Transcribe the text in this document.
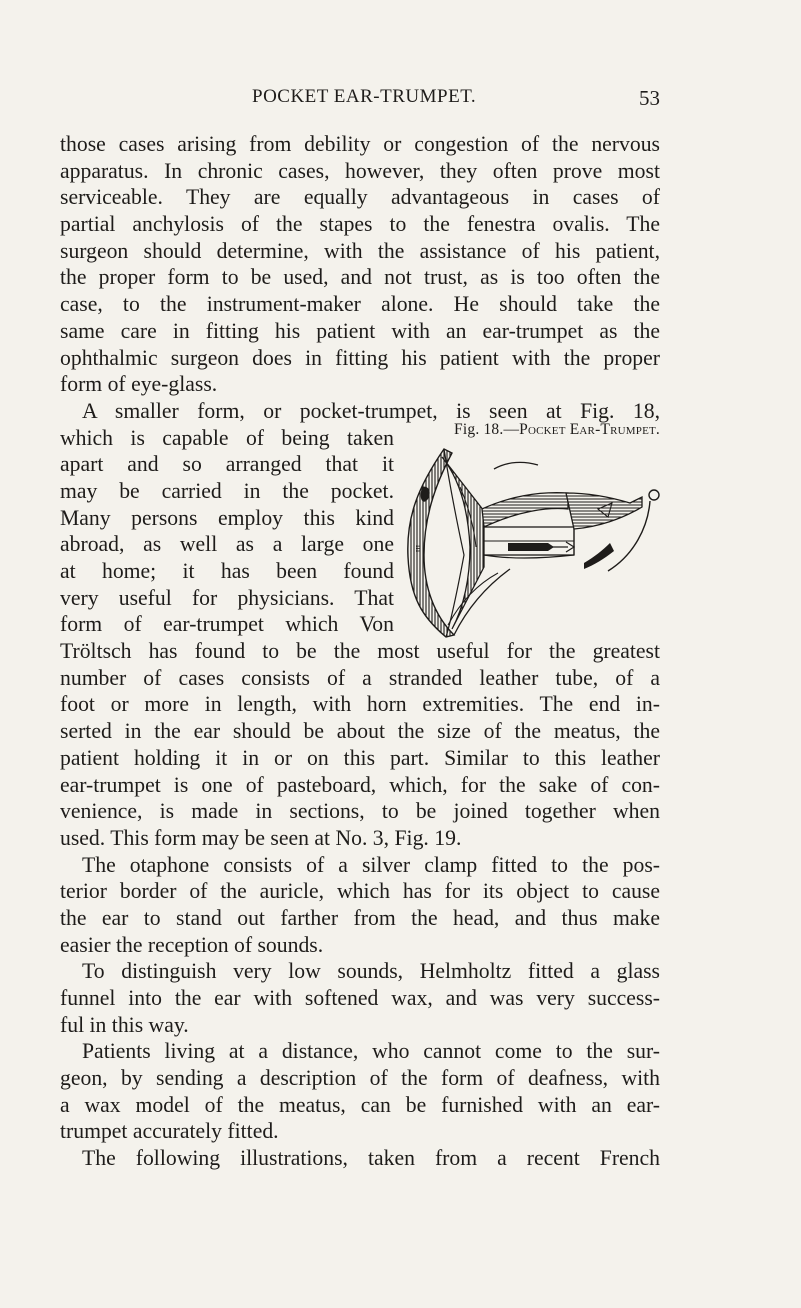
POCKET EAR-TRUMPET.	53
Fig. 18.—Pocket Ear-Trumpet.
m
those cases arising from debility or congestion of the nervous
apparatus. In chronic cases, however, they often prove most
serviceable. They are equally advantageous in cases of
partial anchylosis of the stapes to the fenestra ovalis. The
surgeon should determine, with the assistance of his patient,
the proper form to be used, and not trust, as is too often the
case, to the instrument-maker alone. He should take the
same care in fitting his patient with an ear-trumpet as the
ophthalmic surgeon does in fitting his patient with the proper
form of eye-glass.
A smaller form, or pocket-trumpet, is seen at Fig. 18,
which is capable of being taken
apart and so arranged that it
may be carried in the pocket.
Many persons employ this kind
abroad, as well as a large one
at home; it has been found
very useful for physicians. That
form of ear-trumpet which Von
Tröltsch has found to be the most useful for the greatest
number of cases consists of a stranded leather tube, of a
foot or more in length, with horn extremities. The end in-
serted in the ear should be about the size of the meatus, the
patient holding it in or on this part. Similar to this leather
ear-trumpet is one of pasteboard, which, for the sake of con-
venience, is made in sections, to be joined together when
used. This form may be seen at No. 3, Fig. 19.
The otaphone consists of a silver clamp fitted to the pos-
terior border of the auricle, which has for its object to cause
the ear to stand out farther from the head, and thus make
easier the reception of sounds.
To distinguish very low sounds, Helmholtz fitted a glass
funnel into the ear with softened wax, and was very success-
ful in this way.
Patients living at a distance, who cannot come to the sur-
geon, by sending a description of the form of deafness, with
a wax model of the meatus, can be furnished with an ear-
trumpet accurately fitted.
The following illustrations, taken from a recent French
